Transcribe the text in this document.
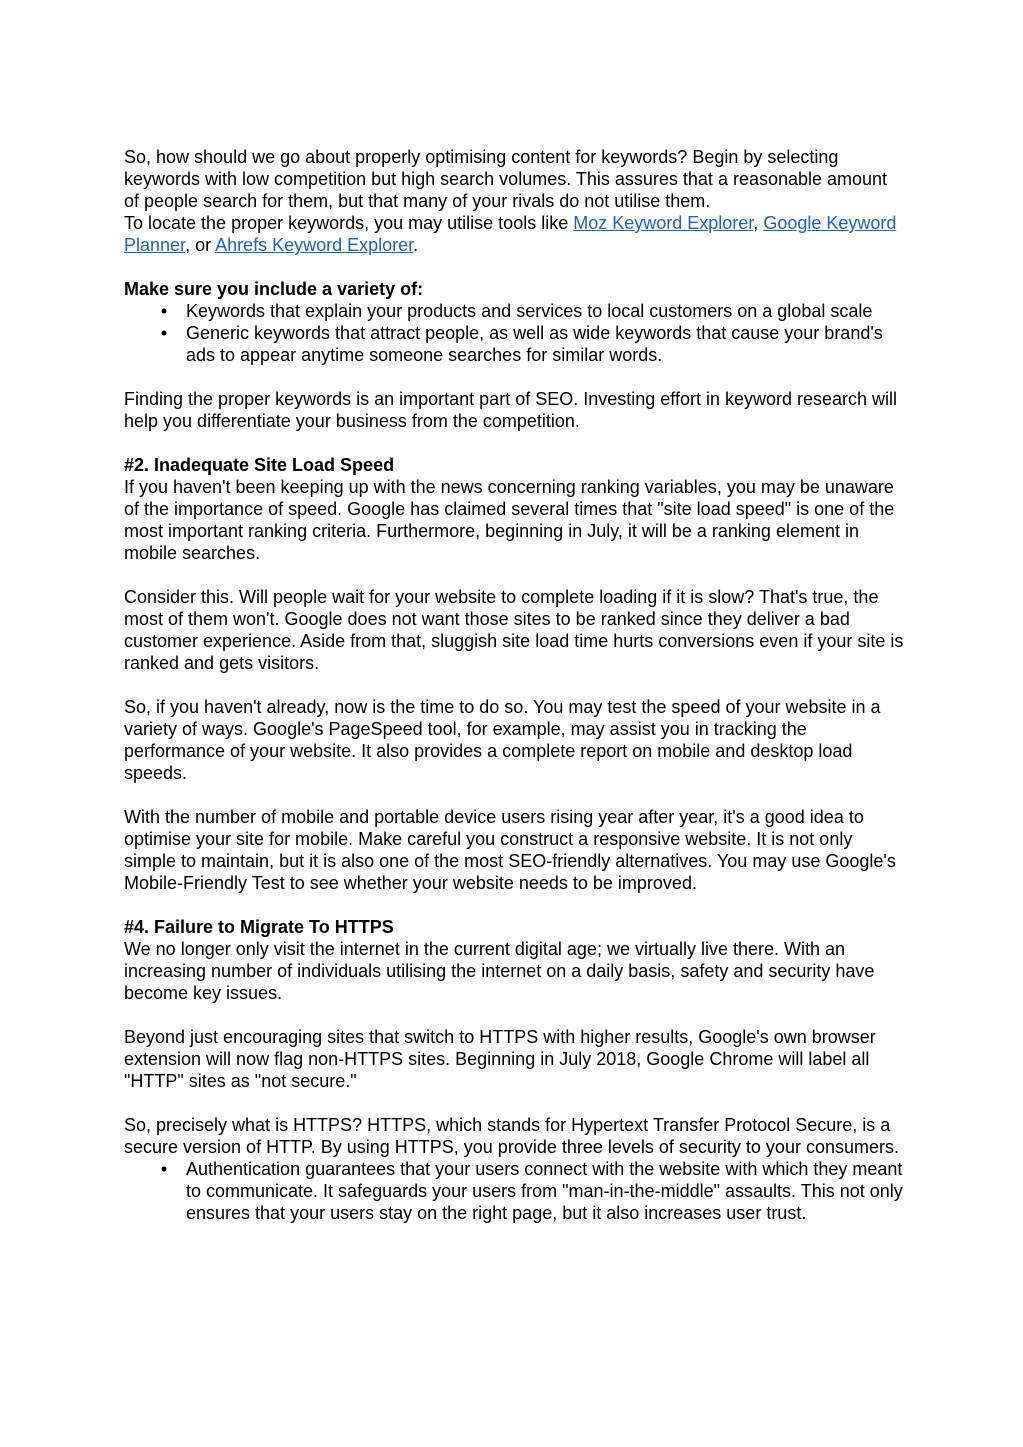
So, how should we go about properly optimising content for keywords? Begin by selecting keywords with low competition but high search volumes. This assures that a reasonable amount of people search for them, but that many of your rivals do not utilise them.

To locate the proper keywords, you may utilise tools like Moz Keyword Explorer, Google Keyword Planner, or Ahrefs Keyword Explorer.

Make sure you include a variety of:

• Keywords that explain your products and services to local customers on a global scale
• Generic keywords that attract people, as well as wide keywords that cause your brand's ads to appear anytime someone searches for similar words.

Finding the proper keywords is an important part of SEO. Investing effort in keyword research will help you differentiate your business from the competition.

#2. Inadequate Site Load Speed

If you haven't been keeping up with the news concerning ranking variables, you may be unaware of the importance of speed. Google has claimed several times that "site load speed" is one of the most important ranking criteria. Furthermore, beginning in July, it will be a ranking element in mobile searches.

Consider this. Will people wait for your website to complete loading if it is slow? That's true, the most of them won't. Google does not want those sites to be ranked since they deliver a bad customer experience. Aside from that, sluggish site load time hurts conversions even if your site is ranked and gets visitors.

So, if you haven't already, now is the time to do so. You may test the speed of your website in a variety of ways. Google's PageSpeed tool, for example, may assist you in tracking the performance of your website. It also provides a complete report on mobile and desktop load speeds.

With the number of mobile and portable device users rising year after year, it's a good idea to optimise your site for mobile. Make careful you construct a responsive website. It is not only simple to maintain, but it is also one of the most SEO-friendly alternatives. You may use Google's Mobile-Friendly Test to see whether your website needs to be improved.

#4. Failure to Migrate To HTTPS

We no longer only visit the internet in the current digital age; we virtually live there. With an increasing number of individuals utilising the internet on a daily basis, safety and security have become key issues.

Beyond just encouraging sites that switch to HTTPS with higher results, Google's own browser extension will now flag non-HTTPS sites. Beginning in July 2018, Google Chrome will label all "HTTP" sites as "not secure."

So, precisely what is HTTPS? HTTPS, which stands for Hypertext Transfer Protocol Secure, is a secure version of HTTP. By using HTTPS, you provide three levels of security to your consumers.

• Authentication guarantees that your users connect with the website with which they meant to communicate. It safeguards your users from "man-in-the-middle" assaults. This not only ensures that your users stay on the right page, but it also increases user trust.
